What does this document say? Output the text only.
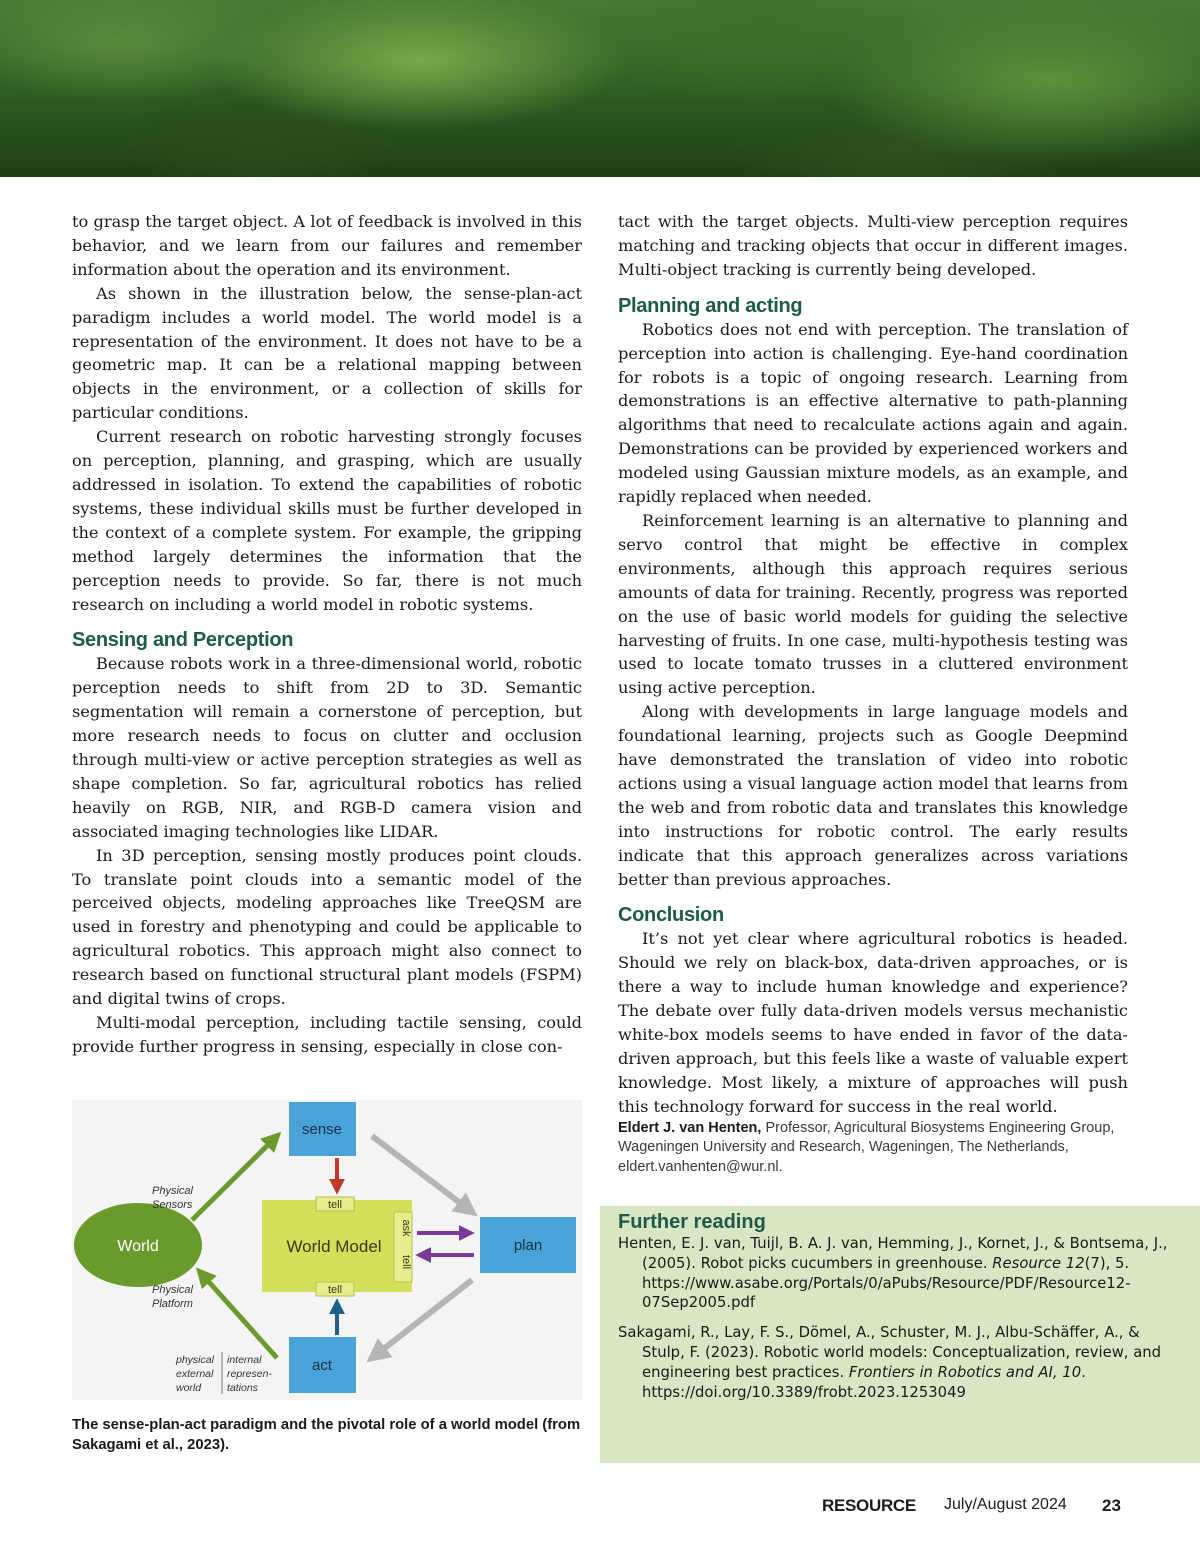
to grasp the target object. A lot of feedback is involved in this behavior, and we learn from our failures and remember information about the operation and its environment.

As shown in the illustration below, the sense-plan-act paradigm includes a world model. The world model is a representation of the environment. It does not have to be a geometric map. It can be a relational mapping between objects in the environment, or a collection of skills for particular conditions.

Current research on robotic harvesting strongly focuses on perception, planning, and grasping, which are usually addressed in isolation. To extend the capabilities of robotic systems, these individual skills must be further developed in the context of a complete system. For example, the gripping method largely determines the information that the perception needs to provide. So far, there is not much research on including a world model in robotic systems.

Sensing and Perception

Because robots work in a three-dimensional world, robotic perception needs to shift from 2D to 3D. Semantic segmentation will remain a cornerstone of perception, but more research needs to focus on clutter and occlusion through multi-view or active perception strategies as well as shape completion. So far, agricultural robotics has relied heavily on RGB, NIR, and RGB-D camera vision and associated imaging technologies like LIDAR.

In 3D perception, sensing mostly produces point clouds. To translate point clouds into a semantic model of the perceived objects, modeling approaches like TreeQSM are used in forestry and phenotyping and could be applicable to agricultural robotics. This approach might also connect to research based on functional structural plant models (FSPM) and digital twins of crops.

Multi-modal perception, including tactile sensing, could provide further progress in sensing, especially in close con-

tact with the target objects. Multi-view perception requires matching and tracking objects that occur in different images. Multi-object tracking is currently being developed.

Planning and acting

Robotics does not end with perception. The translation of perception into action is challenging. Eye-hand coordination for robots is a topic of ongoing research. Learning from demonstrations is an effective alternative to path-planning algorithms that need to recalculate actions again and again. Demonstrations can be provided by experienced workers and modeled using Gaussian mixture models, as an example, and rapidly replaced when needed.

Reinforcement learning is an alternative to planning and servo control that might be effective in complex environments, although this approach requires serious amounts of data for training. Recently, progress was reported on the use of basic world models for guiding the selective harvesting of fruits. In one case, multi-hypothesis testing was used to locate tomato trusses in a cluttered environment using active perception.

Along with developments in large language models and foundational learning, projects such as Google Deepmind have demonstrated the translation of video into robotic actions using a visual language action model that learns from the web and from robotic data and translates this knowledge into instructions for robotic control. The early results indicate that this approach generalizes across variations better than previous approaches.

Conclusion

It’s not yet clear where agricultural robotics is headed. Should we rely on black-box, data-driven approaches, or is there a way to include human knowledge and experience? The debate over fully data-driven models versus mechanistic white-box models seems to have ended in favor of the data-driven approach, but this feels like a waste of valuable expert knowledge. Most likely, a mixture of approaches will push this technology forward for success in the real world.

Eldert J. van Henten, Professor, Agricultural Biosystems Engineering Group, Wageningen University and Research, Wageningen, The Netherlands, eldert.vanhenten@wur.nl.

World
sense
plan
act
World Model
tell
tell
ask
tell
Physical
Sensors
Physical
Platform
physical
external
world
internal
represen-
tations
The sense-plan-act paradigm and the pivotal role of a world model (from Sakagami et al., 2023).
Further reading

Henten, E. J. van, Tuijl, B. A. J. van, Hemming, J., Kornet, J., & Bontsema, J., (2005). Robot picks cucumbers in greenhouse. Resource 12(7), 5. https://www.asabe.org/Portals/0/aPubs/Resource/PDF/Resource12-07Sep2005.pdf

Sakagami, R., Lay, F. S., Dömel, A., Schuster, M. J., Albu-Schäffer, A., & Stulp, F. (2023). Robotic world models: Conceptualization, review, and engineering best practices. Frontiers in Robotics and AI, 10. https://doi.org/10.3389/frobt.2023.1253049

RESOURCE July/August 2024 23
